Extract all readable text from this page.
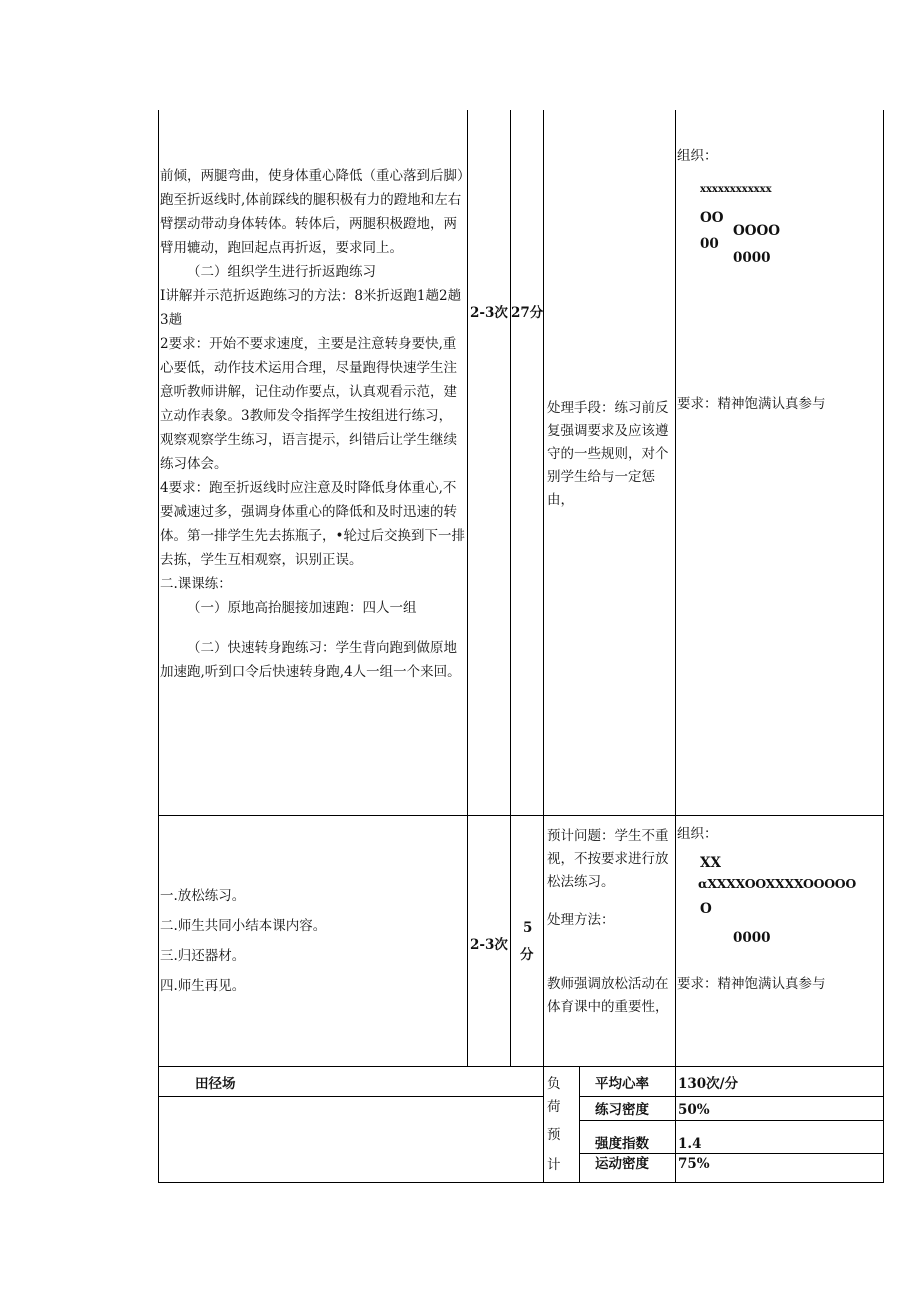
前倾，两腿弯曲，使身体重心降低（重心落到后脚）跑至折返线时,体前踩线的腿积极有力的蹬地和左右臂摆动带动身体转体。转体后，两腿积极蹬地，两臂用辘动，跑回起点再折返，要求同上。
（二）组织学生进行折返跑练习
I讲解并示范折返跑练习的方法：8米折返跑1趟2趟3趟
2要求：开始不要求速度，主要是注意转身要快,重心要低，动作技术运用合理，尽量跑得快速学生注意听教师讲解，记住动作要点，认真观看示范，建立动作表象。3教师发令指挥学生按组进行练习，观察观察学生练习，语言提示，纠错后让学生继续练习体会。
4要求：跑至折返线时应注意及时降低身体重心,不要减速过多，强调身体重心的降低和及时迅速的转体。第一排学生先去拣瓶子，•轮过后交换到下一排去拣，学生互相观察，识别正误。
二.课课练：
（一）原地高抬腿接加速跑：四人一组
（二）快速转身跑练习：学生背向跑到做原地加速跑,听到口令后快速转身跑,4人一组一个来回。
2-3次 27分
处理手段：练习前反复强调要求及应该遵守的一些规则，对个别学生给与一定惩由，
组织：
xxxxxxxxxxxx
OO
OOOO
00
0000
要求：精神饱满认真参与
一.放松练习。
二.师生共同小结本课内容。
三.归还器材。
四.师生再见。
2-3次
5
分
预计问题：学生不重视，不按要求进行放松法练习。
处理方法：
教师强调放松活动在体育课中的重要性，
组织：
XX
αXXXXOOXXXXOOOOO
O
0000
要求：精神饱满认真参与
田径场	负
荷
预
计
平均心率 130次/分
练习密度 50%
强度指数 1.4
运动密度 75%
